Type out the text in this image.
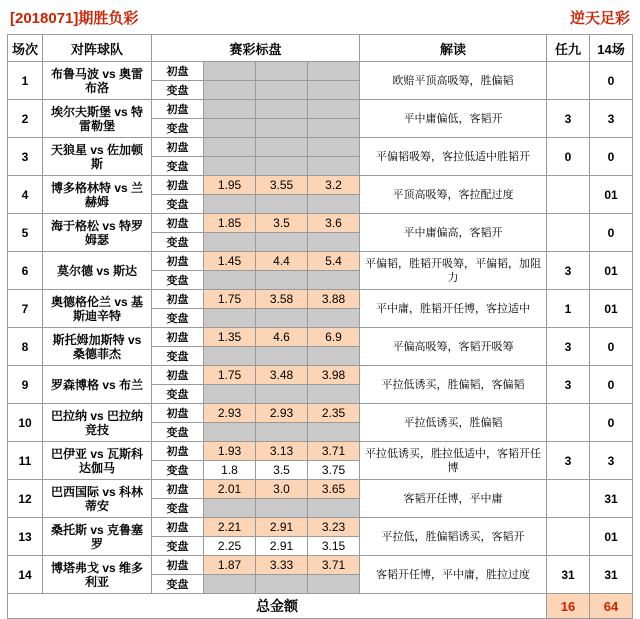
[2018071]期胜负彩	逆天足彩
场次	对阵球队	赛彩标盘				解读	任九	14场
1	布鲁马波 vs 奥雷布洛	初盘				欧赔平顶高吸筹，胜偏韬		0
		变盘						
2	埃尔夫斯堡 vs 特雷勒堡	初盘				平中庸偏低，客韬开	3	3
		变盘						
3	天狼星 vs 佐加顿斯	初盘				平偏韬吸筹，客拉低适中胜韬开	0	0
		变盘						
4	博多格林特 vs 兰赫姆	初盘	1.95	3.55	3.2	平顶高吸筹，客拉配过度		01
		变盘						
5	海于格松 vs 特罗姆瑟	初盘	1.85	3.5	3.6	平中庸偏高，客韬开		0
		变盘						
6	莫尔德 vs 斯达	初盘	1.45	4.4	5.4	平偏韬，胜韬开吸筹，平偏韬，加阻力	3	01
		变盘						
7	奥德格伦兰 vs 基斯迪辛特	初盘	1.75	3.58	3.88	平中庸，胜韬开任博，客拉适中	1	01
		变盘						
8	斯托姆加斯特 vs 桑德菲杰	初盘	1.35	4.6	6.9	平偏高吸筹，客韬开吸筹	3	0
		变盘						
9	罗森博格 vs 布兰	初盘	1.75	3.48	3.98	平拉低诱买，胜偏韬，客偏韬	3	0
		变盘						
10	巴拉纳 vs 巴拉纳竞技	初盘	2.93	2.93	2.35	平拉低诱买，胜偏韬		0
		变盘						
11	巴伊亚 vs 瓦斯科达伽马	初盘	1.93	3.13	3.71	平拉低诱买，胜拉低适中，客韬开任博	3	3
		变盘	1.8	3.5	3.75			
12	巴西国际 vs 科林蒂安	初盘	2.01	3.0	3.65	客韬开任博，平中庸		31
		变盘						
13	桑托斯 vs 克鲁塞罗	初盘	2.21	2.91	3.23	平拉低，胜偏韬诱买，客韬开		01
		变盘	2.25	2.91	3.15			
14	博塔弗戈 vs 维多利亚	初盘	1.87	3.33	3.71	客韬开任博，平中庸，胜拉过度	31	31
		变盘						
总金额							16	64
